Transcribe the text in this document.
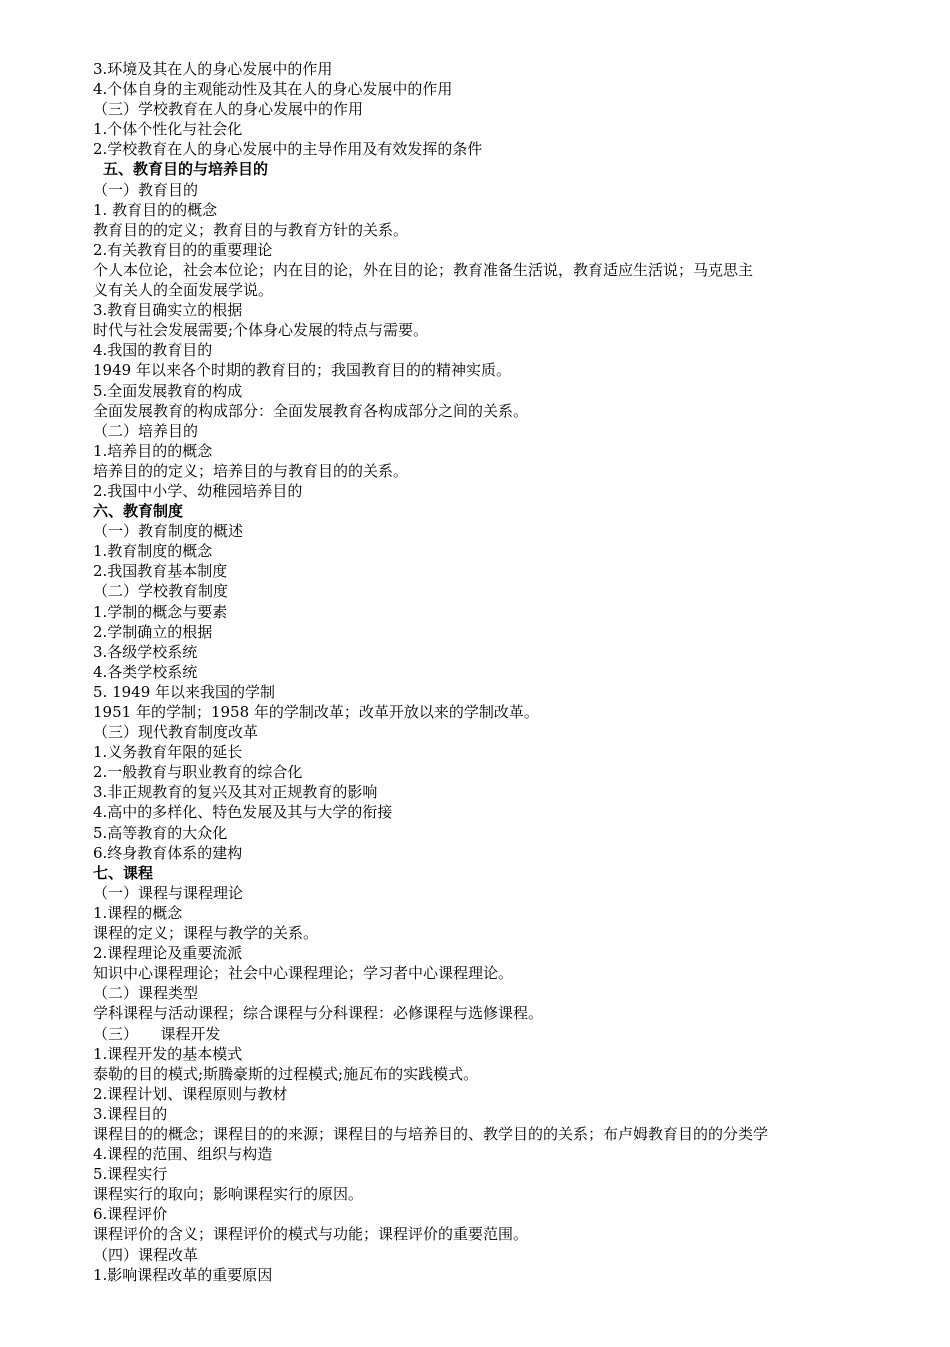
3.环境及其在人的身心发展中的作用
4.个体自身的主观能动性及其在人的身心发展中的作用
（三）学校教育在人的身心发展中的作用
1.个体个性化与社会化
2.学校教育在人的身心发展中的主导作用及有效发挥的条件
五、教育目的与培养目的
（一）教育目的
1. 教育目的的概念
教育目的的定义；教育目的与教育方针的关系。
2.有关教育目的的重要理论
个人本位论，社会本位论；内在目的论，外在目的论；教育准备生活说，教育适应生活说；马克思主
义有关人的全面发展学说。
3.教育目确实立的根据
时代与社会发展需要;个体身心发展的特点与需要。
4.我国的教育目的
1949 年以来各个时期的教育目的；我国教育目的的精神实质。
5.全面发展教育的构成
全面发展教育的构成部分：全面发展教育各构成部分之间的关系。
（二）培养目的
1.培养目的的概念
培养目的的定义；培养目的与教育目的的关系。
2.我国中小学、幼稚园培养目的
六、教育制度
（一）教育制度的概述
1.教育制度的概念
2.我国教育基本制度
（二）学校教育制度
1.学制的概念与要素
2.学制确立的根据
3.各级学校系统
4.各类学校系统
5. 1949 年以来我国的学制
1951 年的学制；1958 年的学制改革；改革开放以来的学制改革。
（三）现代教育制度改革
1.义务教育年限的延长
2.一般教育与职业教育的综合化
3.非正规教育的复兴及其对正规教育的影响
4.高中的多样化、特色发展及其与大学的衔接
5.高等教育的大众化
6.终身教育体系的建构
七、课程
（一）课程与课程理论
1.课程的概念
课程的定义；课程与教学的关系。
2.课程理论及重要流派
知识中心课程理论；社会中心课程理论；学习者中心课程理论。
（二）课程类型
学科课程与活动课程；综合课程与分科课程：必修课程与选修课程。
（三）　　课程开发
1.课程开发的基本模式
泰勒的目的模式;斯腾豪斯的过程模式;施瓦布的实践模式。
2.课程计划、课程原则与教材
3.课程目的
课程目的的概念；课程目的的来源；课程目的与培养目的、教学目的的关系；布卢姆教育目的的分类学
4.课程的范围、组织与构造
5.课程实行
课程实行的取向；影响课程实行的原因。
6.课程评价
课程评价的含义；课程评价的模式与功能；课程评价的重要范围。
（四）课程改革
1.影响课程改革的重要原因
